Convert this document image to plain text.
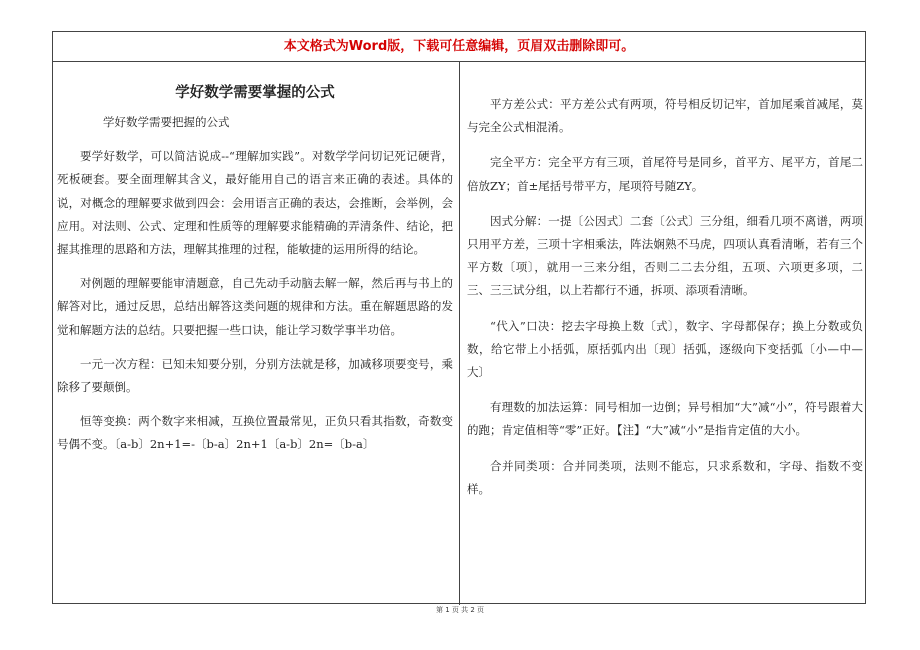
本文格式为Word版，下载可任意编辑，页眉双击删除即可。
学好数学需要掌握的公式
学好数学需要把握的公式
要学好数学，可以简洁说成--“理解加实践”。对数学学问切记死记硬背，死板硬套。要全面理解其含义，最好能用自己的语言来正确的表述。具体的说，对概念的理解要求做到四会：会用语言正确的表达，会推断，会举例，会应用。对法则、公式、定理和性质等的理解要求能精确的弄清条件、结论，把握其推理的思路和方法，理解其推理的过程，能敏捷的运用所得的结论。
对例题的理解要能审清题意，自己先动手动脑去解一解，然后再与书上的解答对比，通过反思，总结出解答这类问题的规律和方法。重在解题思路的发觉和解题方法的总结。只要把握一些口诀，能让学习数学事半功倍。
一元一次方程：已知未知要分别，分别方法就是移，加减移项要变号，乘除移了要颠倒。
恒等变换：两个数字来相减，互换位置最常见，正负只看其指数，奇数变号偶不变。〔a-b〕2n+1=-〔b-a〕2n+1〔a-b〕2n=〔b-a〕
平方差公式：平方差公式有两项，符号相反切记牢，首加尾乘首减尾，莫与完全公式相混淆。
完全平方：完全平方有三项，首尾符号是同乡，首平方、尾平方，首尾二倍放ZY；首±尾括号带平方，尾项符号随ZY。
因式分解：一提〔公因式〕二套〔公式〕三分组，细看几项不离谱，两项只用平方差，三项十字相乘法，阵法娴熟不马虎，四项认真看清晰，若有三个平方数〔项〕，就用一三来分组，否则二二去分组，五项、六项更多项，二三、三三试分组，以上若都行不通，拆项、添项看清晰。
“代入”口决：挖去字母换上数〔式〕，数字、字母都保存；换上分数或负数，给它带上小括弧，原括弧内出〔现〕括弧，逐级向下变括弧〔小—中—大〕
有理数的加法运算：同号相加一边倒；异号相加“大”减“小”，符号跟着大的跑；肯定值相等“零”正好。【注】“大”减“小”是指肯定值的大小。
合并同类项：合并同类项，法则不能忘，只求系数和，字母、指数不变样。
第 1 页 共 2 页
